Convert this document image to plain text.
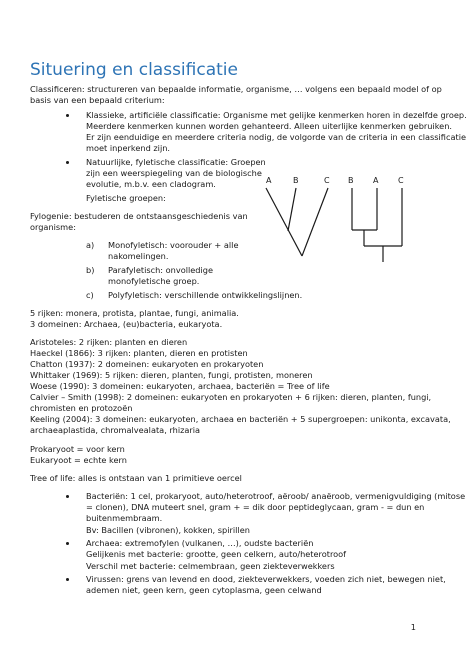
Situering en classificatie
Classificeren: structureren van bepaalde informatie, organisme, … volgens een bepaald model of op
basis van een bepaald criterium:
Klassieke, artificiële classificatie: Organisme met gelijke kenmerken horen in dezelfde groep.
Meerdere kenmerken kunnen worden gehanteerd. Alleen uiterlijke kenmerken gebruiken.
Er zijn eenduidige en meerdere criteria nodig, de volgorde van de criteria in een classificatie
moet inperkend zijn.
Natuurlijke, fyletische classificatie: Groepen
zijn een weerspiegeling van de biologische
evolutie, m.b.v. een cladogram.
Fyletische groepen:
Fylogenie: bestuderen de ontstaansgeschiedenis van
organisme:
a) Monofyletisch: voorouder + alle
nakomelingen.
b) Parafyletisch: onvolledige
monofyletische groep.
c) Polyfyletisch: verschillende ontwikkelingslijnen.
A	B	C B A C
5 rijken: monera, protista, plantae, fungi, animalia.
3 domeinen: Archaea, (eu)bacteria, eukaryota.
Aristoteles: 2 rijken: planten en dieren
Haeckel (1866): 3 rijken: planten, dieren en protisten
Chatton (1937): 2 domeinen: eukaryoten en prokaryoten
Whittaker (1969): 5 rijken: dieren, planten, fungi, protisten, moneren
Woese (1990): 3 domeinen: eukaryoten, archaea, bacteriën = Tree of life
Calvier – Smith (1998): 2 domeinen: eukaryoten en prokaryoten + 6 rijken: dieren, planten, fungi,
chromisten en protozoën
Keeling (2004): 3 domeinen: eukaryoten, archaea en bacteriën + 5 supergroepen: unikonta, excavata,
archaeaplastida, chromalvealata, rhizaria
Prokaryoot = voor kern
Eukaryoot = echte kern
Tree of life: alles is ontstaan van 1 primitieve oercel
Bacteriën: 1 cel, prokaryoot, auto/heterotroof, aëroob/ anaëroob, vermenigvuldiging (mitose
= clonen), DNA muteert snel, gram + = dik door peptideglycaan, gram - = dun en
buitenmembraam.
Bv: Bacillen (vibronen), kokken, spirillen
Archaea: extremofylen (vulkanen, …), oudste bacteriën
Gelijkenis met bacterie: grootte, geen celkern, auto/heterotroof
Verschil met bacterie: celmembraan, geen ziekteverwekkers
Virussen: grens van levend en dood, ziekteverwekkers, voeden zich niet, bewegen niet,
ademen niet, geen kern, geen cytoplasma, geen celwand
1
